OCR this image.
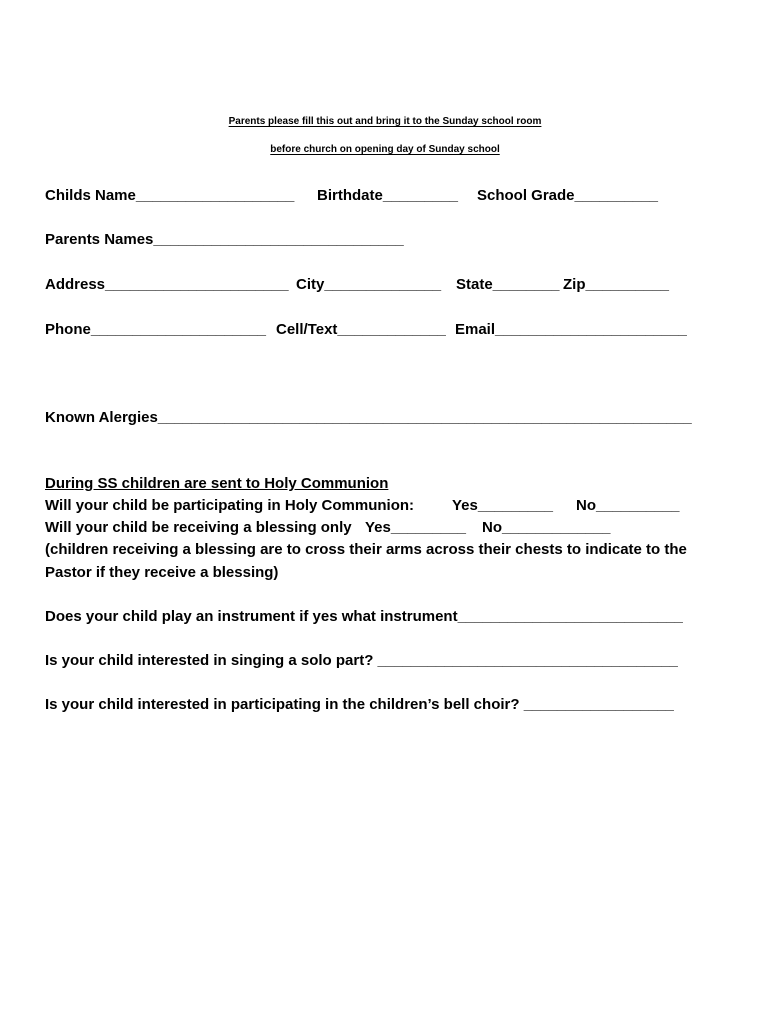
Parents please fill this out and bring it to the Sunday school room
before church on opening day of Sunday school
Childs Name___________________ Birthdate_________ School Grade__________
Parents Names______________________________
Address______________________ City______________ State________ Zip__________
Phone_____________________ Cell/Text_____________ Email_______________________
Known Alergies________________________________________________________________
During SS children are sent to Holy Communion
Will your child be participating in Holy Communion:	Yes_________ No__________
Will your child be receiving a blessing only Yes_________ No_____________
(children receiving a blessing are to cross their arms across their chests to indicate to the
Pastor if they receive a blessing)
Does your child play an instrument if yes what instrument___________________________
Is your child interested in singing a solo part? ____________________________________
Is your child interested in participating in the children’s bell choir? __________________
